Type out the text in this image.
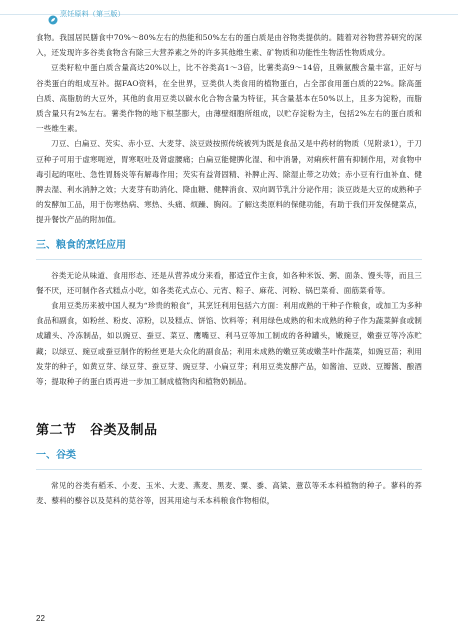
烹饪原料（第三版）

食物。我国居民膳食中70%～80%左右的热能和50%左右的蛋白质是由谷物类提供的。随着对谷物营养研究的深入，还发现许多谷类食物含有除三大营养素之外的许多其他维生素、矿物质和功能性生物活性物质成分。

豆类籽粒中蛋白质含量高达20%以上，比不谷类高1～3倍，比薯类高9～14倍，且赖氨酸含量丰富，正好与谷类蛋白的组成互补。据FAO资料，在全世界，豆类供人类食用的植物蛋白，占全部食用蛋白质的22%。除高蛋白质、高脂肪的大豆外，其他的食用豆类以碳水化合物含量为特征，其含量基本在50%以上，且多为淀粉，而脂质含量只有2%左右。薯类作物的地下根茎膨大，由薄壁细胞所组成，以贮存淀粉为主，包括2%左右的蛋白质和一些维生素。

刀豆、白扁豆、芡实、赤小豆、大麦芽、淡豆豉按照传统被列为既是食品又是中药材的物质（见附录1），于刀豆种子可用于虚寒呃逆，胃寒呕吐及肾虚腰痛；白扁豆能健脾化湿、和中消暑，对痢疾杆菌有抑制作用，对食物中毒引起的呕吐、急性胃肠炎等有解毒作用；芡实有益肾固精、补脾止泻、除湿止带之功效；赤小豆有行血补血、健脾去湿、利水消肿之效；大麦芽有助消化、降血糖、健脾消食、双向调节乳汁分泌作用；淡豆豉是大豆的成熟种子的发酵加工品，用于伤寒热病、寒热、头痛、烦躁、胸闷。了解这类原料的保健功能，有助于我们开发保健菜点，提升餐饮产品的附加值。

三、粮食的烹饪应用

谷类无论从味道、食用形态、还是从营养成分来看，都适宜作主食，如各种米饭、粥、面条、馒头等，而且三餐不厌，还可制作各式糕点小吃，如各类花式点心、元宵、粽子、麻花、河粉、锅巴菜肴、面筋菜肴等。

食用豆类历来被中国人视为“珍贵的粮食”，其烹饪利用包括六方面：利用成熟的干种子作粮食，或加工为多种食品和副食，如粉丝、粉皮、凉粉，以及糕点、饼馅、饮料等；利用绿色成熟的和未成熟的种子作为蔬菜鲜食或制成罐头、冷冻制品，如以豌豆、蚕豆、菜豆、鹰嘴豆、利马豆等加工制成的各种罐头，嫩豌豆，嫩蚕豆等冷冻贮藏；以绿豆、豌豆或蚕豆制作的粉丝更是大众化的副食品；利用未成熟的嫩豆荚或嫩茎叶作蔬菜，如豌豆苗；利用发芽的种子，如黄豆芽、绿豆芽、蚕豆芽、豌豆芽、小扁豆芽；利用豆类发酵产品，如酱油、豆豉、豆瓣酱、酿酒等；提取种子的蛋白质再进一步加工制成植物肉和植物奶制品。

第二节　谷类及制品
一、谷类

常见的谷类有稻禾、小麦、玉米、大麦、燕麦、黑麦、粟、黍、高粱、薏苡等禾本科植物的种子。蓼科的荞麦、藜科的藜谷以及苋科的苋谷等，因其用途与禾本科粮食作物相似，

22
